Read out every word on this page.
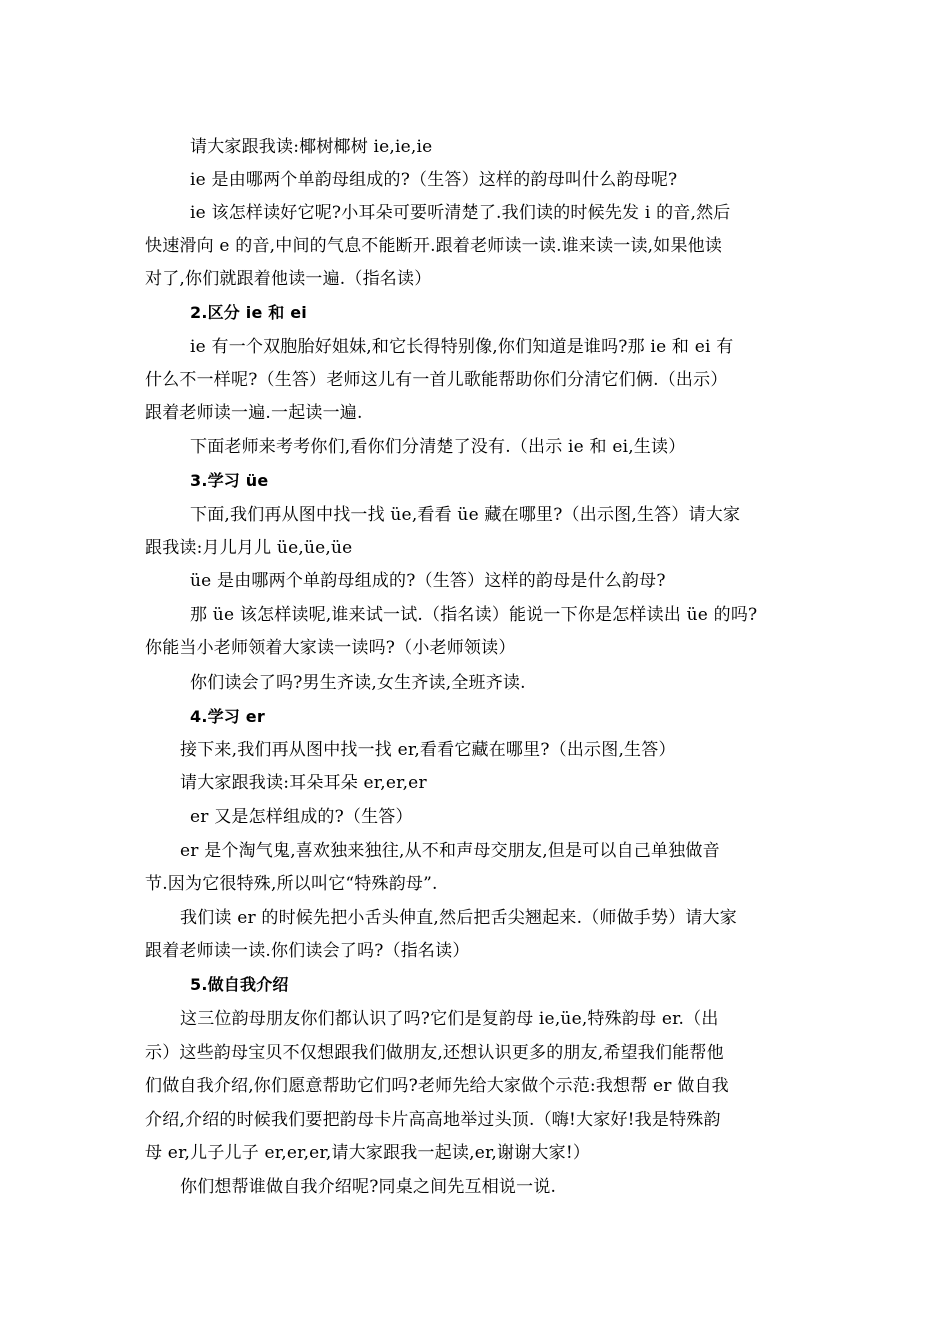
请大家跟我读:椰树椰树 ie,ie,ie
ie 是由哪两个单韵母组成的?（生答）这样的韵母叫什么韵母呢?
ie 该怎样读好它呢?小耳朵可要听清楚了.我们读的时候先发 i 的音,然后
快速滑向 e 的音,中间的气息不能断开.跟着老师读一读.谁来读一读,如果他读
对了,你们就跟着他读一遍.（指名读）
2.区分 ie 和 ei
ie 有一个双胞胎好姐妹,和它长得特别像,你们知道是谁吗?那 ie 和 ei 有
什么不一样呢?（生答）老师这儿有一首儿歌能帮助你们分清它们俩.（出示）
跟着老师读一遍.一起读一遍.
下面老师来考考你们,看你们分清楚了没有.（出示 ie 和 ei,生读）
3.学习 üe
下面,我们再从图中找一找 üe,看看 üe 藏在哪里?（出示图,生答）请大家
跟我读:月儿月儿 üe,üe,üe
üe 是由哪两个单韵母组成的?（生答）这样的韵母是什么韵母?
那 üe 该怎样读呢,谁来试一试.（指名读）能说一下你是怎样读出 üe 的吗?
你能当小老师领着大家读一读吗?（小老师领读）
你们读会了吗?男生齐读,女生齐读,全班齐读.
4.学习 er
接下来,我们再从图中找一找 er,看看它藏在哪里?（出示图,生答）
请大家跟我读:耳朵耳朵 er,er,er
er 又是怎样组成的?（生答）
er 是个淘气鬼,喜欢独来独往,从不和声母交朋友,但是可以自己单独做音
节.因为它很特殊,所以叫它“特殊韵母”.
我们读 er 的时候先把小舌头伸直,然后把舌尖翘起来.（师做手势）请大家
跟着老师读一读.你们读会了吗?（指名读）
5.做自我介绍
这三位韵母朋友你们都认识了吗?它们是复韵母 ie,üe,特殊韵母 er.（出
示）这些韵母宝贝不仅想跟我们做朋友,还想认识更多的朋友,希望我们能帮他
们做自我介绍,你们愿意帮助它们吗?老师先给大家做个示范:我想帮 er 做自我
介绍,介绍的时候我们要把韵母卡片高高地举过头顶.（嗨!大家好!我是特殊韵
母 er,儿子儿子 er,er,er,请大家跟我一起读,er,谢谢大家!）
你们想帮谁做自我介绍呢?同桌之间先互相说一说.
